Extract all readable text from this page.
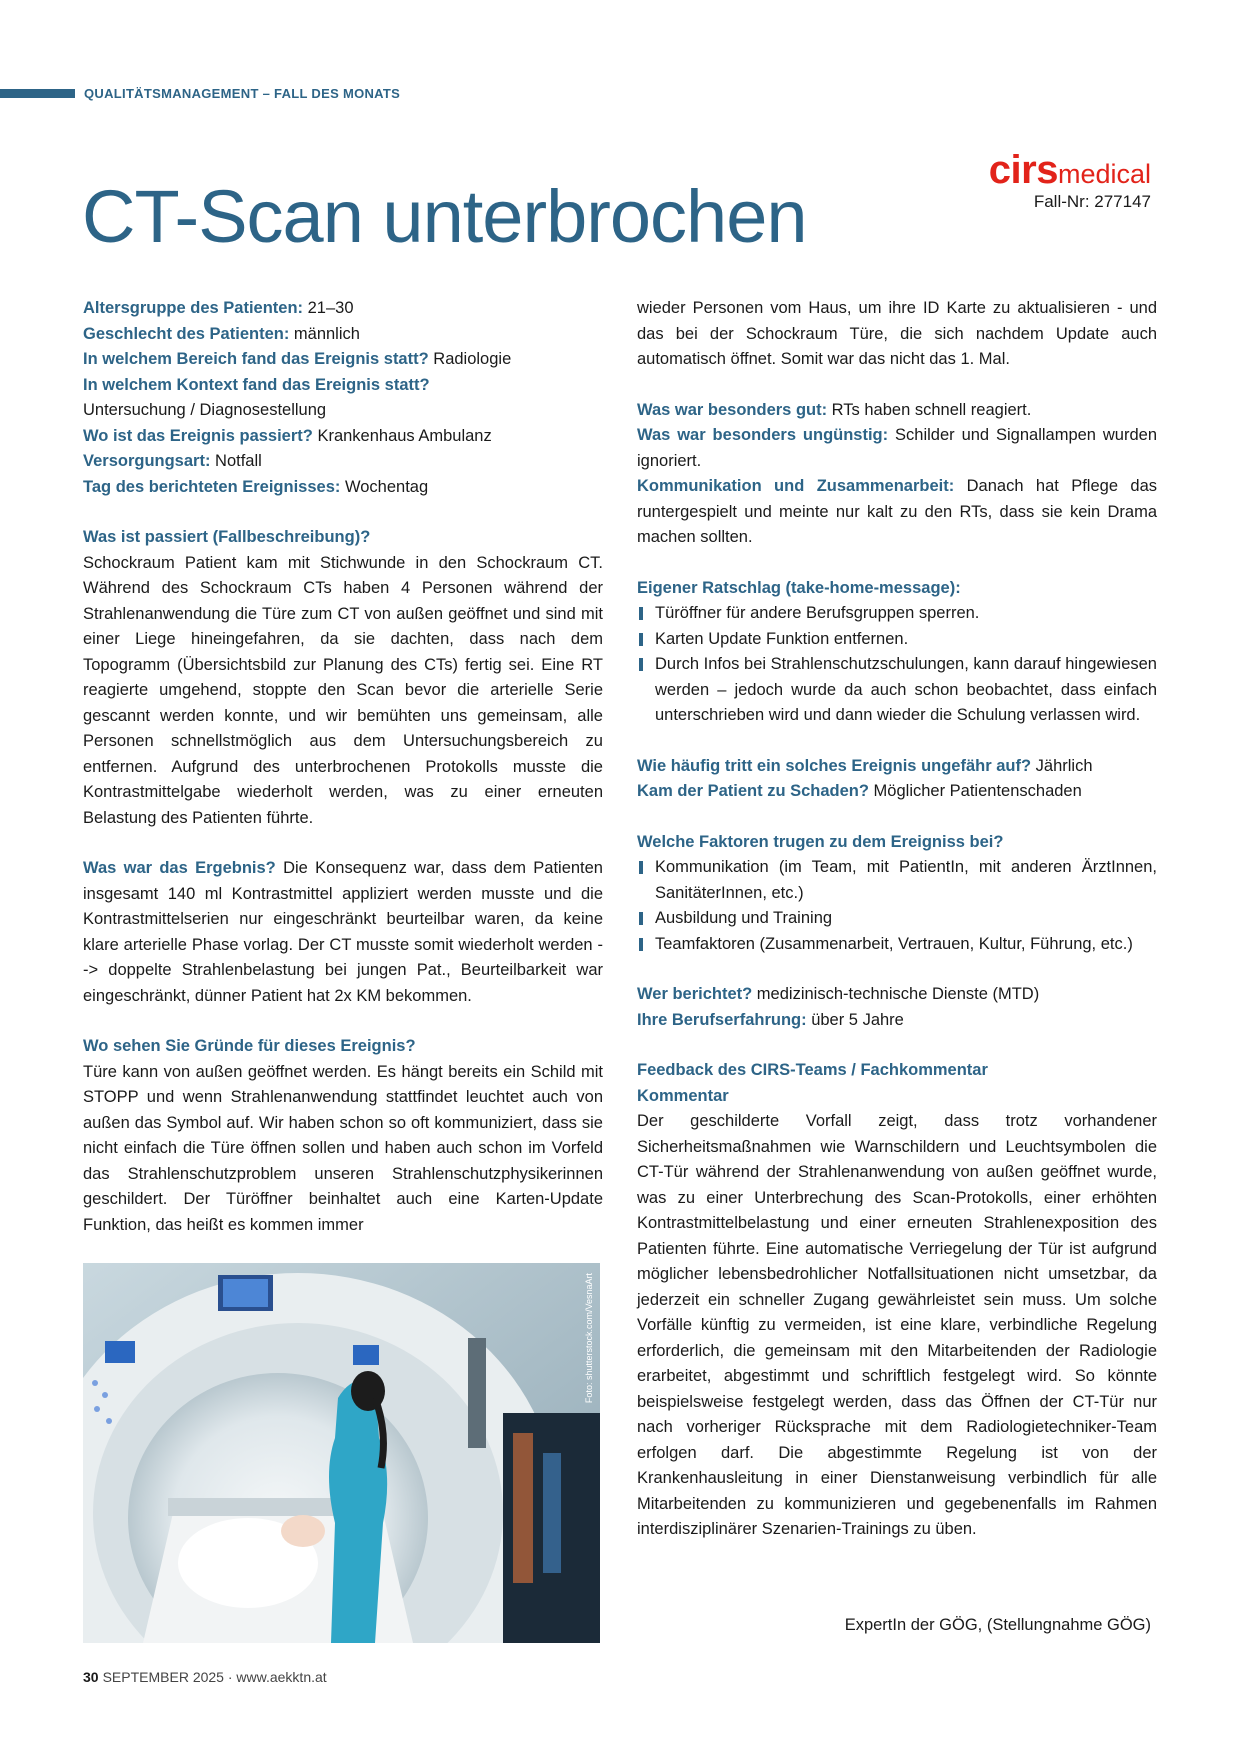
QUALITÄTSMANAGEMENT – FALL DES MONATS
CT-Scan unterbrochen
cirsmedical
Fall-Nr: 277147

Altersgruppe des Patienten: 21–30

Geschlecht des Patienten: männlich

In welchem Bereich fand das Ereignis statt? Radiologie

In welchem Kontext fand das Ereignis statt?
Untersuchung / Diagnosestellung

Wo ist das Ereignis passiert? Krankenhaus Ambulanz

Versorgungsart: Notfall

Tag des berichteten Ereignisses: Wochentag

Was ist passiert (Fallbeschreibung)?

Schockraum Patient kam mit Stichwunde in den Schockraum CT. Während des Schockraum CTs haben 4 Personen während der Strahlenanwendung die Türe zum CT von außen geöffnet und sind mit einer Liege hineingefahren, da sie dachten, dass nach dem Topogramm (Übersichtsbild zur Planung des CTs) fertig sei. Eine RT reagierte umgehend, stoppte den Scan bevor die arterielle Serie gescannt werden konnte, und wir bemühten uns gemeinsam, alle Personen schnellstmöglich aus dem Untersuchungsbereich zu entfernen. Aufgrund des unterbrochenen Protokolls musste die Kontrastmittelgabe wiederholt werden, was zu einer erneuten Belastung des Patienten führte.

Was war das Ergebnis? Die Konsequenz war, dass dem Patienten insgesamt 140 ml Kontrastmittel appliziert werden musste und die Kontrastmittelserien nur eingeschränkt beurteilbar waren, da keine klare arterielle Phase vorlag. Der CT musste somit wiederholt werden --> doppelte Strahlenbelastung bei jungen Pat., Beurteilbarkeit war eingeschränkt, dünner Patient hat 2x KM bekommen.

Wo sehen Sie Gründe für dieses Ereignis?

Türe kann von außen geöffnet werden. Es hängt bereits ein Schild mit STOPP und wenn Strahlenanwendung stattfindet leuchtet auch von außen das Symbol auf. Wir haben schon so oft kommuniziert, dass sie nicht einfach die Türe öffnen sollen und haben auch schon im Vorfeld das Strahlenschutzproblem unseren Strahlenschutzphysikerinnen geschildert. Der Türöffner beinhaltet auch eine Karten-Update Funktion, das heißt es kommen immer

Foto: shutterstock.com/VesnaArt

wieder Personen vom Haus, um ihre ID Karte zu aktualisieren - und das bei der Schockraum Türe, die sich nachdem Update auch automatisch öffnet. Somit war das nicht das 1. Mal.

Was war besonders gut: RTs haben schnell reagiert.

Was war besonders ungünstig: Schilder und Signallampen wurden ignoriert.

Kommunikation und Zusammenarbeit: Danach hat Pflege das runtergespielt und meinte nur kalt zu den RTs, dass sie kein Drama machen sollten.

Eigener Ratschlag (take-home-message):

Türöffner für andere Berufsgruppen sperren.
Karten Update Funktion entfernen.
Durch Infos bei Strahlenschutzschulungen, kann darauf hingewiesen werden – jedoch wurde da auch schon beobachtet, dass einfach unterschrieben wird und dann wieder die Schulung verlassen wird.

Wie häufig tritt ein solches Ereignis ungefähr auf? Jährlich

Kam der Patient zu Schaden? Möglicher Patientenschaden

Welche Faktoren trugen zu dem Ereigniss bei?

Kommunikation (im Team, mit PatientIn, mit anderen ÄrztInnen, SanitäterInnen, etc.)
Ausbildung und Training
Teamfaktoren (Zusammenarbeit, Vertrauen, Kultur, Führung, etc.)

Wer berichtet? medizinisch-technische Dienste (MTD)

Ihre Berufserfahrung: über 5 Jahre

Feedback des CIRS-Teams / Fachkommentar

Kommentar

Der geschilderte Vorfall zeigt, dass trotz vorhandener Sicherheitsmaßnahmen wie Warnschildern und Leuchtsymbolen die CT-Tür während der Strahlenanwendung von außen geöffnet wurde, was zu einer Unterbrechung des Scan-Protokolls, einer erhöhten Kontrastmittelbelastung und einer erneuten Strahlenexposition des Patienten führte. Eine automatische Verriegelung der Tür ist aufgrund möglicher lebensbedrohlicher Notfallsituationen nicht umsetzbar, da jederzeit ein schneller Zugang gewährleistet sein muss. Um solche Vorfälle künftig zu vermeiden, ist eine klare, verbindliche Regelung erforderlich, die gemeinsam mit den Mitarbeitenden der Radiologie erarbeitet, abgestimmt und schriftlich festgelegt wird. So könnte beispielsweise festgelegt werden, dass das Öffnen der CT-Tür nur nach vorheriger Rücksprache mit dem Radiologietechniker-Team erfolgen darf. Die abgestimmte Regelung ist von der Krankenhausleitung in einer Dienstanweisung verbindlich für alle Mitarbeitenden zu kommunizieren und gegebenenfalls im Rahmen interdisziplinärer Szenarien-Trainings zu üben.

ExpertIn der GÖG, (Stellungnahme GÖG)
30 SEPTEMBER 2025 · www.aekktn.at
